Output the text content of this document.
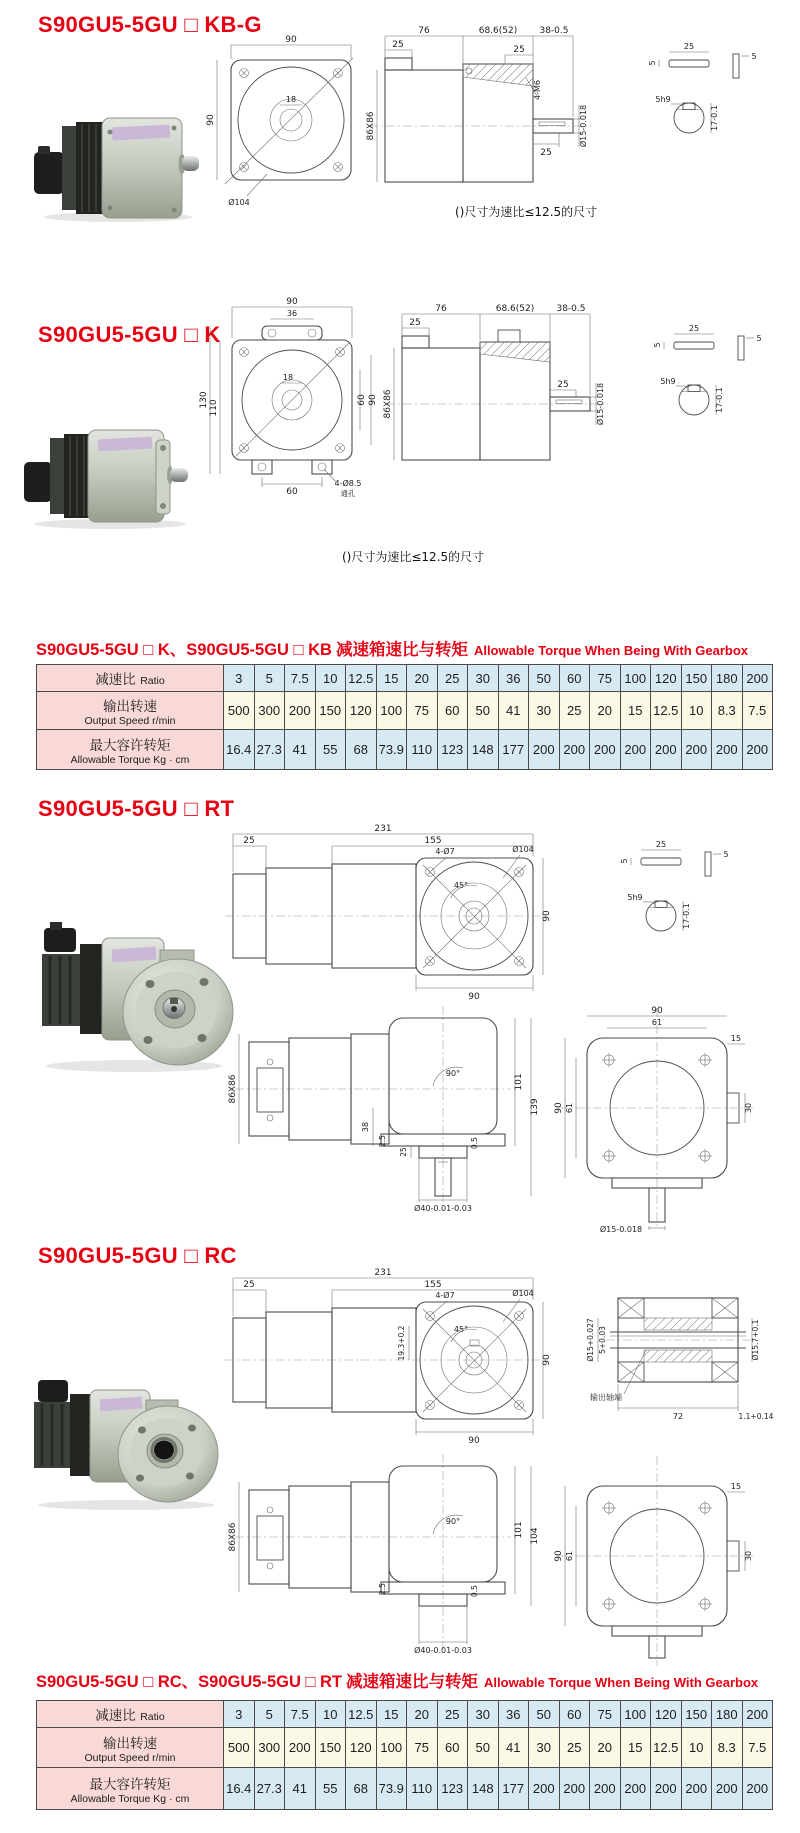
S90GU5-5GU □ KB-G
90
18
90
Ø104
76	68.6(52) 38-0.5
25	25
4-M6
Ø15-0.018
25
86X86
25
5
5
5h9
17-0.1
()尺寸为速比≤12.5的尺寸
S90GU5-5GU □ K
90
36
18
130 110	60 90
60
4-Ø8.5
通孔
76	68.6(52) 38-0.5
25
25	Ø15-0.018
86X86
25
5
5
5h9
17-0.1
()尺寸为速比≤12.5的尺寸
S90GU5-5GU □ K、S90GU5-5GU □ KB 减速箱速比与转矩 Allowable Torque When Being With Gearbox
减速比 Ratio	3	5	7.5	10	12.5	15	20	25	30	36	50	60	75	100	120	150	180	200

输出转速
Output Speed r/min	500	300	200	150	120	100	75	60	50	41	30	25	20	15	12.5	10	8.3	7.5

最大容许转矩
Allowable Torque Kg · cm	16.4	27.3	41	55	68	73.9	110	123	148	177	200	200	200	200	200	200	200	200
S90GU5-5GU □ RT
231
25	155
4-Ø7
45°
Ø104
90
90
25
5
5
5h9
17-0.1
86X86
90°	101
139
38
2.5
25
0.5
Ø40-0.01-0.03
90
61
90 61
15
30
Ø15-0.018
S90GU5-5GU □ RC
231
25	155
4-Ø7
45°
19.3+0.2
Ø104
90
90	Ø15+0.027 5+0.03	Ø15.7+0.1
输出轴端
72	1.1+0.14
86X86
90°	101 104
2.5	0.5
Ø40-0.01-0.03
90 61
15
30
S90GU5-5GU □ RC、S90GU5-5GU □ RT 减速箱速比与转矩 Allowable Torque When Being With Gearbox
减速比 Ratio	3	5	7.5	10	12.5	15	20	25	30	36	50	60	75	100	120	150	180	200

输出转速
Output Speed r/min	500	300	200	150	120	100	75	60	50	41	30	25	20	15	12.5	10	8.3	7.5

最大容许转矩
Allowable Torque Kg · cm	16.4	27.3	41	55	68	73.9	110	123	148	177	200	200	200	200	200	200	200	200
